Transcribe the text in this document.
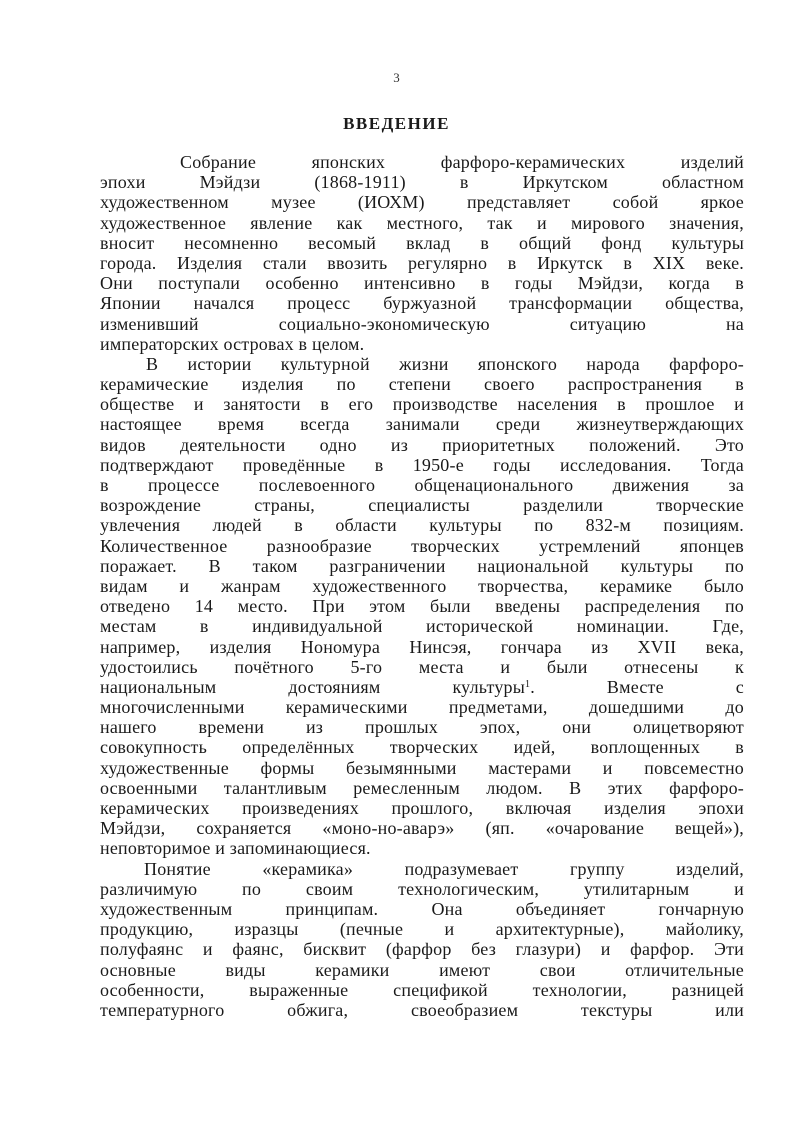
3
ВВЕДЕНИЕ
Собрание японских фарфоро-керамических изделий
эпохи Мэйдзи (1868-1911) в Иркутском областном
художественном музее (ИОХМ) представляет собой яркое
художественное явление как местного, так и мирового значения,
вносит несомненно весомый вклад в общий фонд культуры
города. Изделия стали ввозить регулярно в Иркутск в XIX веке.
Они поступали особенно интенсивно в годы Мэйдзи, когда в
Японии начался процесс буржуазной трансформации общества,
изменивший социально-экономическую ситуацию на
императорских островах в целом.
В истории культурной жизни японского народа фарфоро-
керамические изделия по степени своего распространения в
обществе и занятости в его производстве населения в прошлое и
настоящее время всегда занимали среди жизнеутверждающих
видов деятельности одно из приоритетных положений. Это
подтверждают проведённые в 1950-е годы исследования. Тогда
в процессе послевоенного общенационального движения за
возрождение страны, специалисты разделили творческие
увлечения людей в области культуры по 832-м позициям.
Количественное разнообразие творческих устремлений японцев
поражает. В таком разграничении национальной культуры по
видам и жанрам художественного творчества, керамике было
отведено 14 место. При этом были введены распределения по
местам в индивидуальной исторической номинации. Где,
например, изделия Нономура Нинсэя, гончара из XVII века,
удостоились почётного 5-го места и были отнесены к
национальным достояниям культуры$^1$. Вместе с
многочисленными керамическими предметами, дошедшими до
нашего времени из прошлых эпох, они олицетворяют
совокупность определённых творческих идей, воплощенных в
художественные формы безымянными мастерами и повсеместно
освоенными талантливым ремесленным людом. В этих фарфоро-
керамических произведениях прошлого, включая изделия эпохи
Мэйдзи, сохраняется «моно-но-аварэ» (яп. «очарование вещей»),
неповторимое и запоминающиеся.
Понятие «керамика» подразумевает группу изделий,
различимую по своим технологическим, утилитарным и
художественным принципам. Она объединяет гончарную
продукцию, изразцы (печные и архитектурные), майолику,
полуфаянс и фаянс, бисквит (фарфор без глазури) и фарфор. Эти
основные виды керамики имеют свои отличительные
особенности, выраженные спецификой технологии, разницей
температурного обжига, своеобразием текстуры или
